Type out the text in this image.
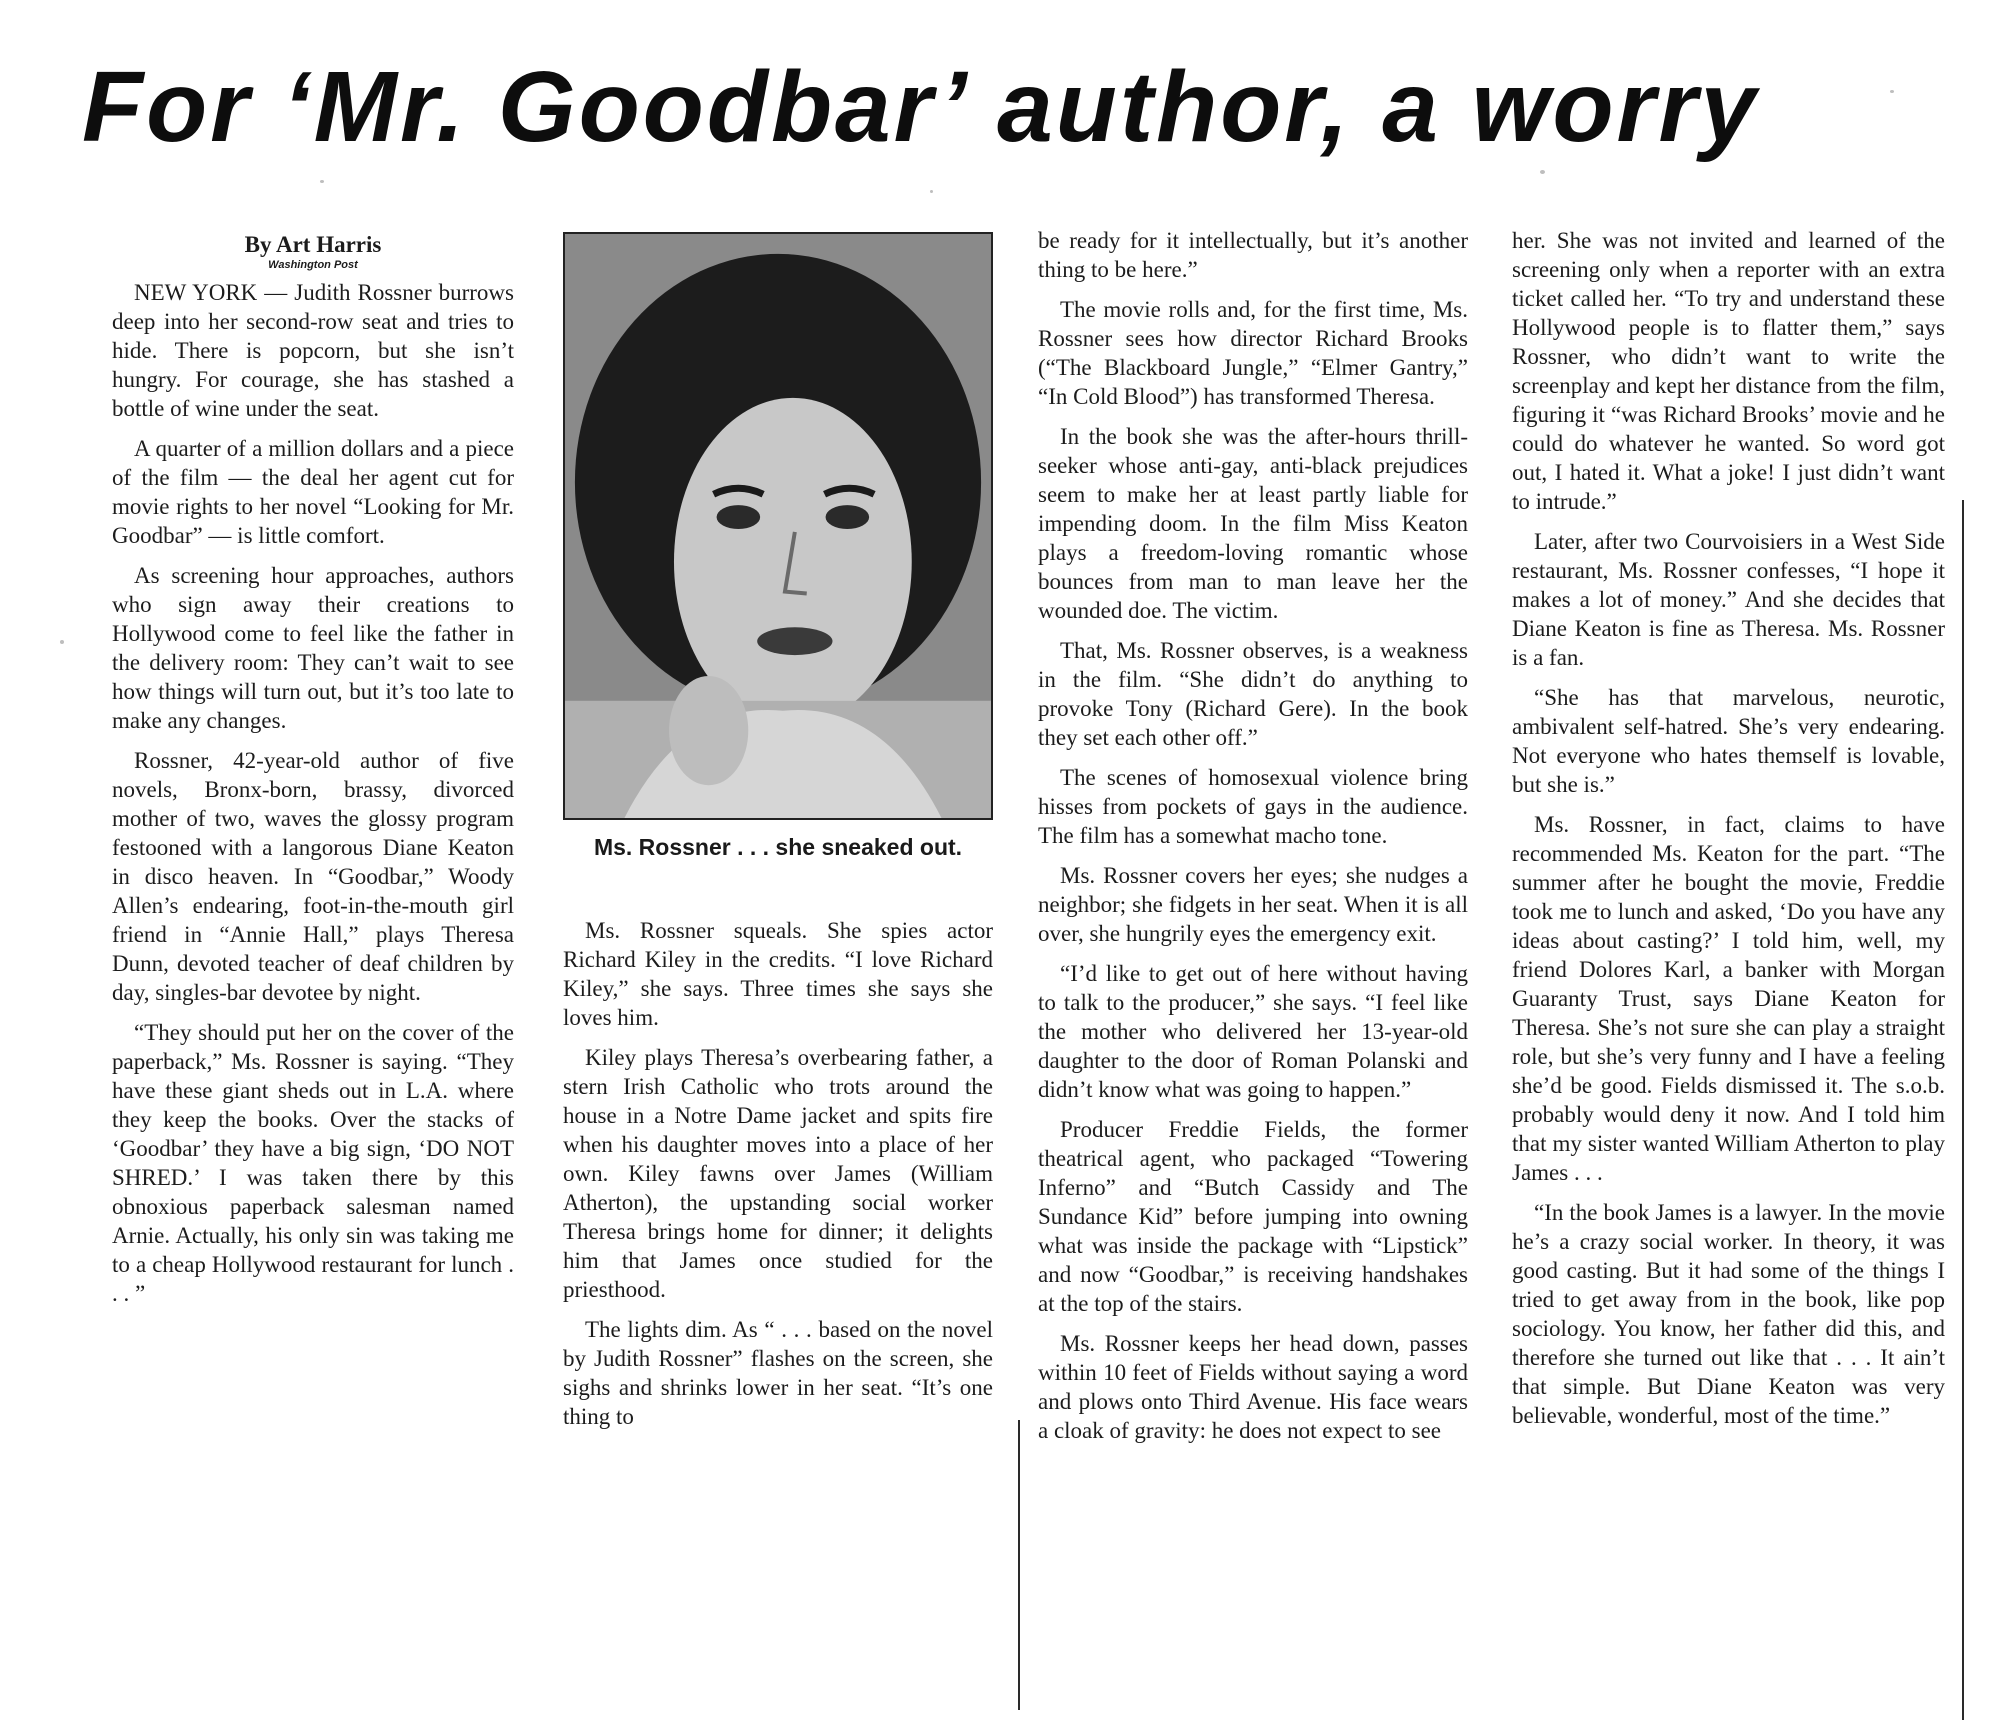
For ‘Mr. Goodbar’ author, a worry
By Art Harris
Washington Post

NEW YORK — Judith Rossner burrows deep into her second-row seat and tries to hide. There is popcorn, but she isn’t hungry. For courage, she has stashed a bottle of wine under the seat.

A quarter of a million dollars and a piece of the film — the deal her agent cut for movie rights to her novel “Looking for Mr. Goodbar” — is little comfort.

As screening hour approaches, authors who sign away their creations to Hollywood come to feel like the father in the delivery room: They can’t wait to see how things will turn out, but it’s too late to make any changes.

Rossner, 42-year-old author of five novels, Bronx-born, brassy, divorced mother of two, waves the glossy program festooned with a langorous Diane Keaton in disco heaven. In “Goodbar,” Woody Allen’s endearing, foot-in-the-mouth girl friend in “Annie Hall,” plays Theresa Dunn, devoted teacher of deaf children by day, singles-bar devotee by night.

“They should put her on the cover of the paperback,” Ms. Rossner is saying. “They have these giant sheds out in L.A. where they keep the books. Over the stacks of ‘Goodbar’ they have a big sign, ‘DO NOT SHRED.’ I was taken there by this obnoxious paperback salesman named Arnie. Actually, his only sin was taking me to a cheap Hollywood restaurant for lunch . . . ”

Ms. Rossner . . . she sneaked out.

Ms. Rossner squeals. She spies actor Richard Kiley in the credits. “I love Richard Kiley,” she says. Three times she says she loves him.

Kiley plays Theresa’s overbearing father, a stern Irish Catholic who trots around the house in a Notre Dame jacket and spits fire when his daughter moves into a place of her own. Kiley fawns over James (William Atherton), the upstanding social worker Theresa brings home for dinner; it delights him that James once studied for the priesthood.

The lights dim. As “ . . . based on the novel by Judith Rossner” flashes on the screen, she sighs and shrinks lower in her seat. “It’s one thing to

be ready for it intellectually, but it’s another thing to be here.”

The movie rolls and, for the first time, Ms. Rossner sees how director Richard Brooks (“The Blackboard Jungle,” “Elmer Gantry,” “In Cold Blood”) has transformed Theresa.

In the book she was the after-hours thrill-seeker whose anti-gay, anti-black prejudices seem to make her at least partly liable for impending doom. In the film Miss Keaton plays a freedom-loving romantic whose bounces from man to man leave her the wounded doe. The victim.

That, Ms. Rossner observes, is a weakness in the film. “She didn’t do anything to provoke Tony (Richard Gere). In the book they set each other off.”

The scenes of homosexual violence bring hisses from pockets of gays in the audience. The film has a somewhat macho tone.

Ms. Rossner covers her eyes; she nudges a neighbor; she fidgets in her seat. When it is all over, she hungrily eyes the emergency exit.

“I’d like to get out of here without having to talk to the producer,” she says. “I feel like the mother who delivered her 13-year-old daughter to the door of Roman Polanski and didn’t know what was going to happen.”

Producer Freddie Fields, the former theatrical agent, who packaged “Towering Inferno” and “Butch Cassidy and The Sundance Kid” before jumping into owning what was inside the package with “Lipstick” and now “Goodbar,” is receiving handshakes at the top of the stairs.

Ms. Rossner keeps her head down, passes within 10 feet of Fields without saying a word and plows onto Third Avenue. His face wears a cloak of gravity: he does not expect to see

her. She was not invited and learned of the screening only when a reporter with an extra ticket called her. “To try and understand these Hollywood people is to flatter them,” says Rossner, who didn’t want to write the screenplay and kept her distance from the film, figuring it “was Richard Brooks’ movie and he could do whatever he wanted. So word got out, I hated it. What a joke! I just didn’t want to intrude.”

Later, after two Courvoisiers in a West Side restaurant, Ms. Rossner confesses, “I hope it makes a lot of money.” And she decides that Diane Keaton is fine as Theresa. Ms. Rossner is a fan.

“She has that marvelous, neurotic, ambivalent self-hatred. She’s very endearing. Not everyone who hates themself is lovable, but she is.”

Ms. Rossner, in fact, claims to have recommended Ms. Keaton for the part. “The summer after he bought the movie, Freddie took me to lunch and asked, ‘Do you have any ideas about casting?’ I told him, well, my friend Dolores Karl, a banker with Morgan Guaranty Trust, says Diane Keaton for Theresa. She’s not sure she can play a straight role, but she’s very funny and I have a feeling she’d be good. Fields dismissed it. The s.o.b. probably would deny it now. And I told him that my sister wanted William Atherton to play James . . .

“In the book James is a lawyer. In the movie he’s a crazy social worker. In theory, it was good casting. But it had some of the things I tried to get away from in the book, like pop sociology. You know, her father did this, and therefore she turned out like that . . . It ain’t that simple. But Diane Keaton was very believable, wonderful, most of the time.”
